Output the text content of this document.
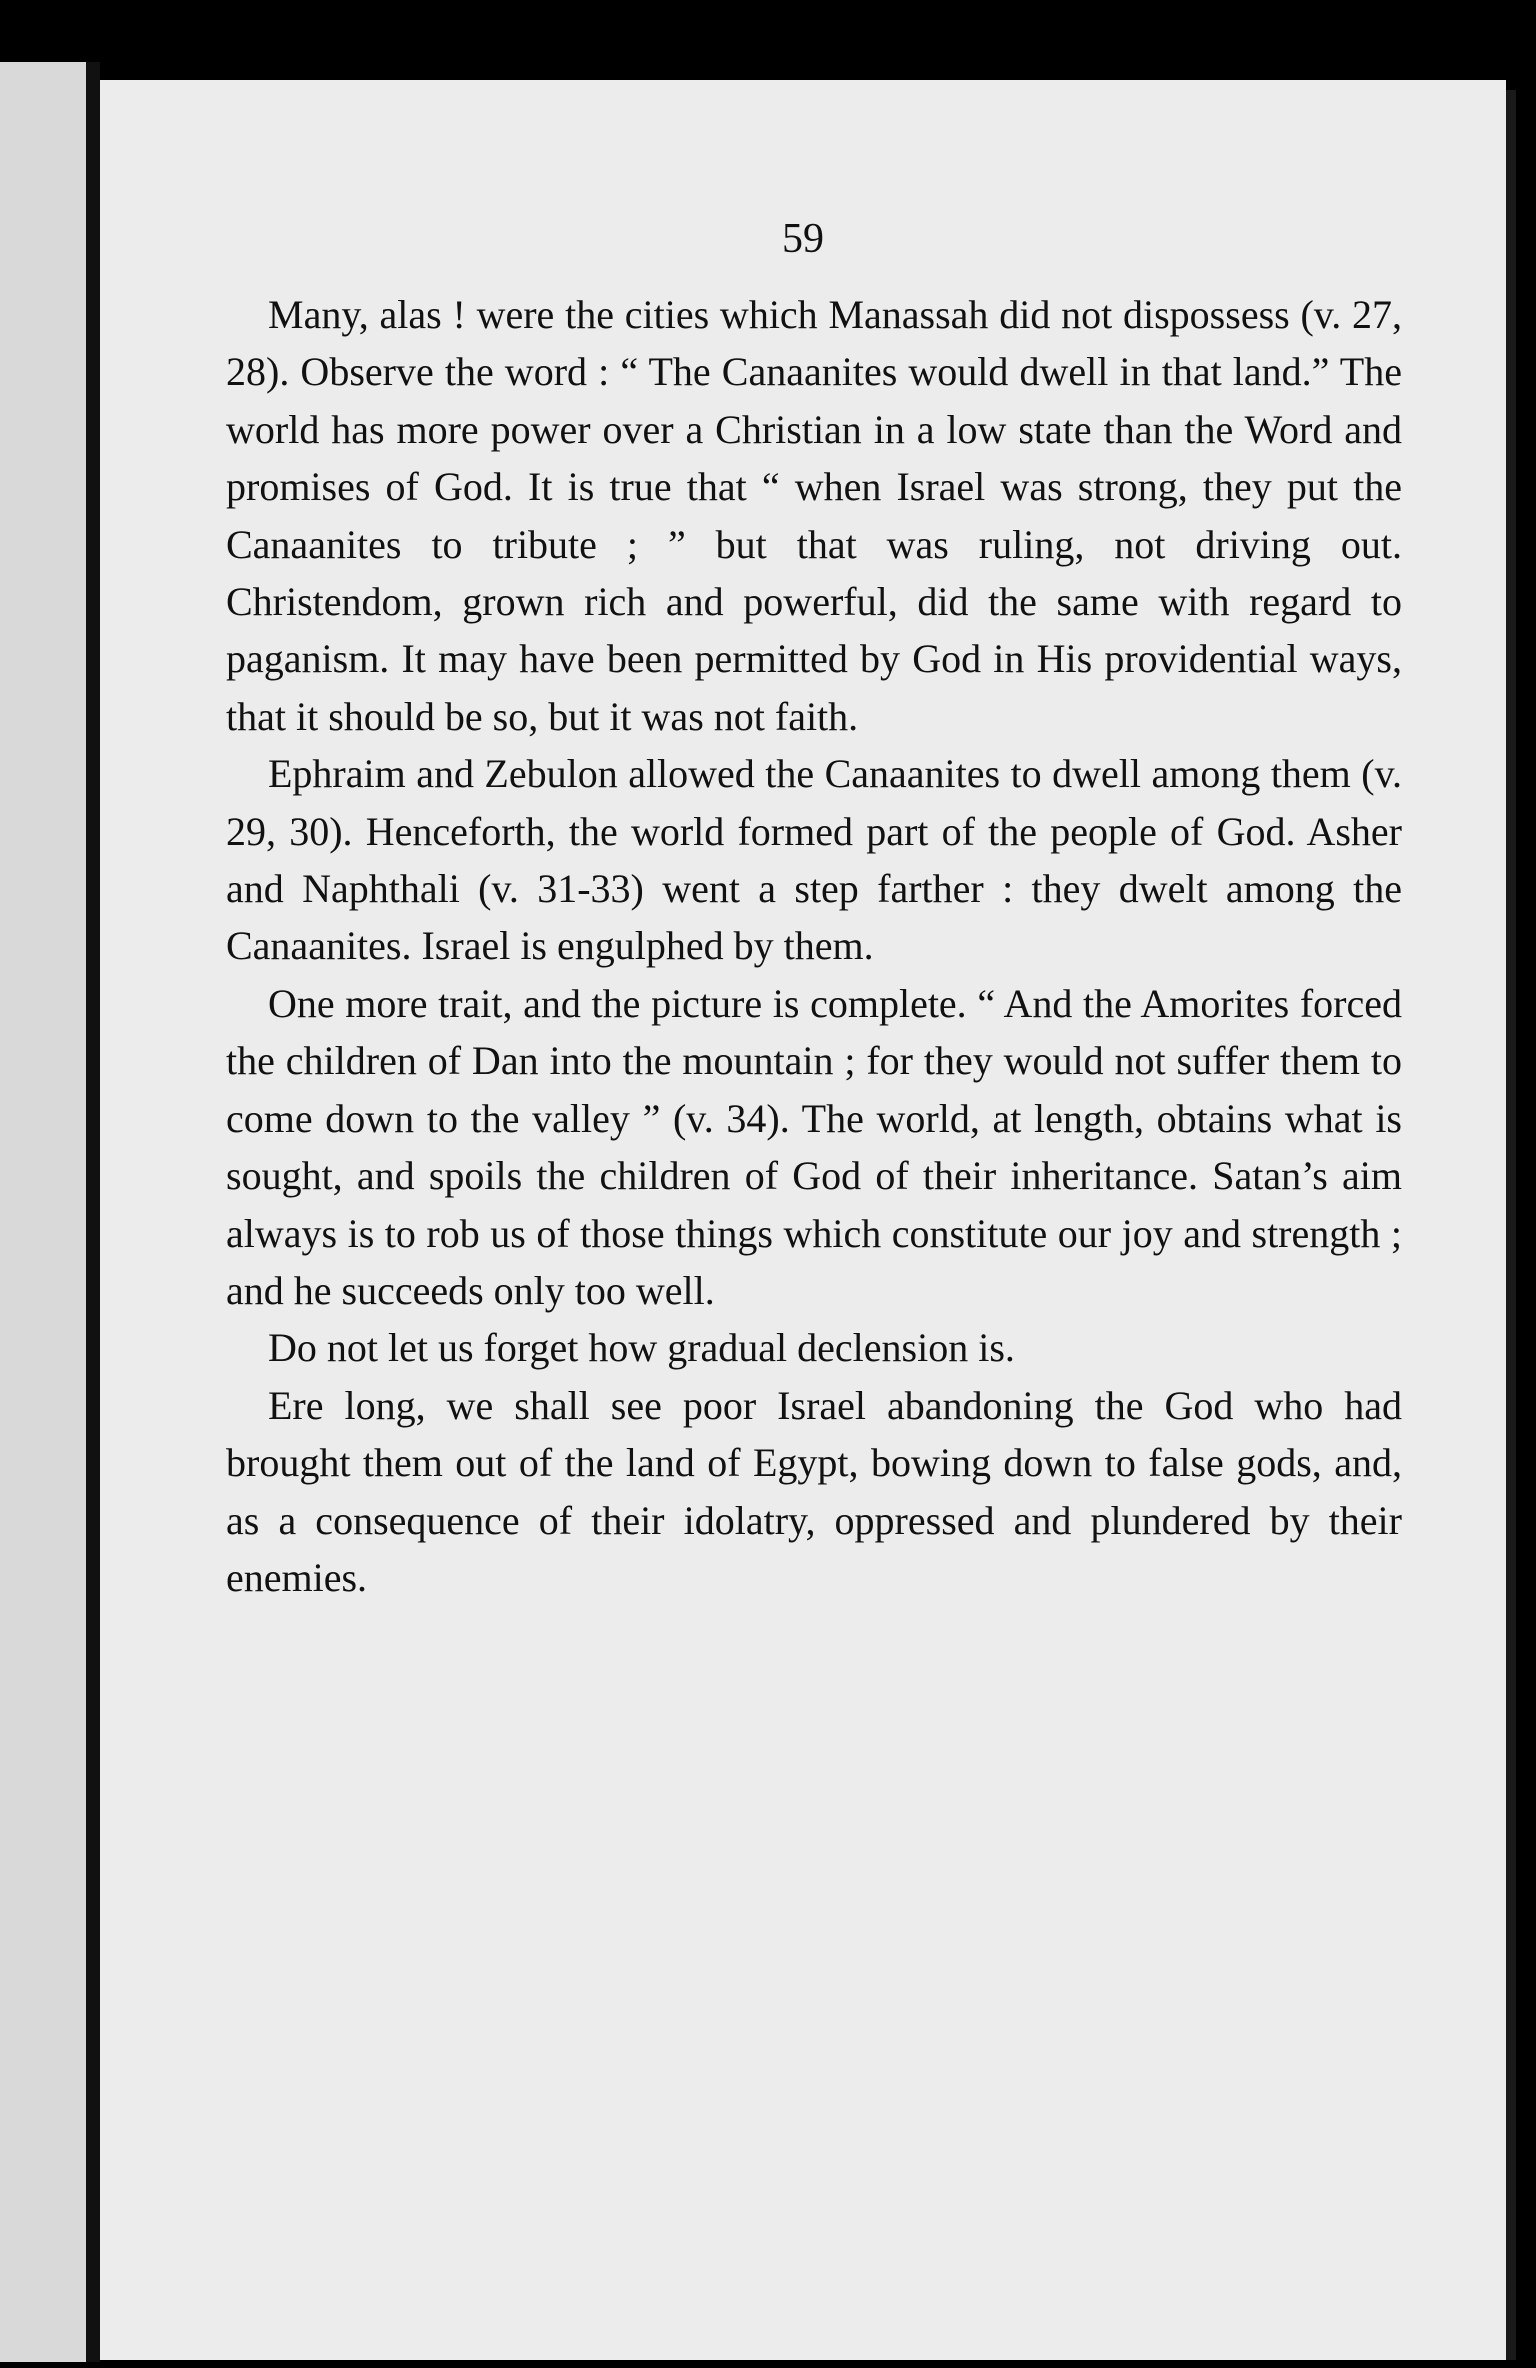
59

Many, alas ! were the cities which Manassah did not dispossess (v. 27, 28). Observe the word : “ The Canaanites would dwell in that land.” The world has more power over a Christian in a low state than the Word and promises of God. It is true that “ when Israel was strong, they put the Canaanites to tribute ; ” but that was ruling, not driving out. Christendom, grown rich and powerful, did the same with regard to paganism. It may have been permitted by God in His providential ways, that it should be so, but it was not faith.

Ephraim and Zebulon allowed the Canaanites to dwell among them (v. 29, 30). Henceforth, the world formed part of the people of God. Asher and Naphthali (v. 31-33) went a step farther : they dwelt among the Canaanites. Israel is engulphed by them.

One more trait, and the picture is complete. “ And the Amorites forced the children of Dan into the mountain ; for they would not suffer them to come down to the valley ” (v. 34). The world, at length, obtains what is sought, and spoils the children of God of their inheritance. Satan’s aim always is to rob us of those things which constitute our joy and strength ; and he succeeds only too well.

Do not let us forget how gradual declension is.

Ere long, we shall see poor Israel abandoning the God who had brought them out of the land of Egypt, bowing down to false gods, and, as a consequence of their idolatry, oppressed and plundered by their enemies.
